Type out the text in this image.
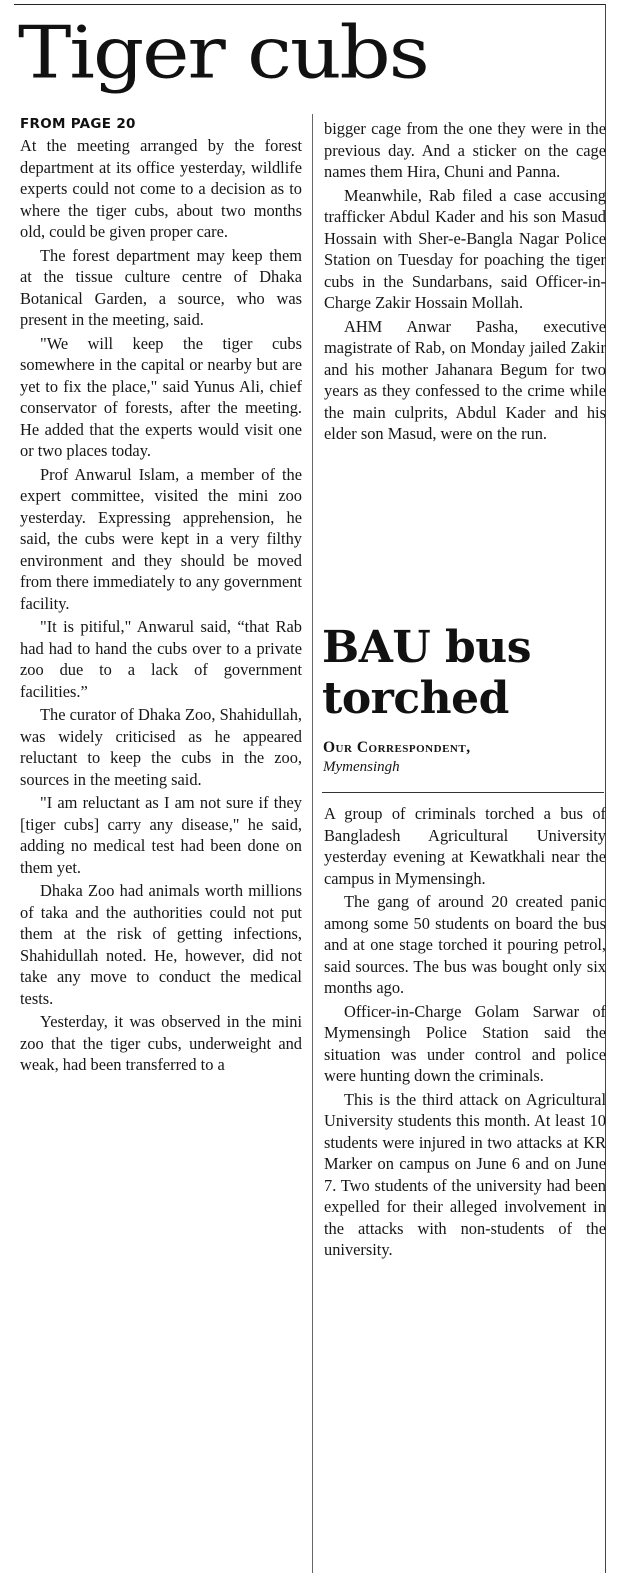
Tiger cubs

FROM PAGE 20

At the meeting arranged by the forest department at its office yesterday, wildlife experts could not come to a decision as to where the tiger cubs, about two months old, could be given proper care.

The forest department may keep them at the tissue culture centre of Dhaka Botanical Garden, a source, who was present in the meeting, said.

"We will keep the tiger cubs somewhere in the capital or nearby but are yet to fix the place," said Yunus Ali, chief conservator of forests, after the meeting. He added that the experts would visit one or two places today.

Prof Anwarul Islam, a member of the expert committee, visited the mini zoo yesterday. Expressing apprehension, he said, the cubs were kept in a very filthy environment and they should be moved from there immediately to any government facility.

"It is pitiful," Anwarul said, “that Rab had had to hand the cubs over to a private zoo due to a lack of government facilities.”

The curator of Dhaka Zoo, Shahidullah, was widely criticised as he appeared reluctant to keep the cubs in the zoo, sources in the meeting said.

"I am reluctant as I am not sure if they [tiger cubs] carry any disease," he said, adding no medical test had been done on them yet.

Dhaka Zoo had animals worth millions of taka and the authorities could not put them at the risk of getting infections, Shahidullah noted. He, however, did not take any move to conduct the medical tests.

Yesterday, it was observed in the mini zoo that the tiger cubs, underweight and weak, had been transferred to a

bigger cage from the one they were in the previous day. And a sticker on the cage names them Hira, Chuni and Panna.

Meanwhile, Rab filed a case accusing trafficker Abdul Kader and his son Masud Hossain with Sher-e-Bangla Nagar Police Station on Tuesday for poaching the tiger cubs in the Sundarbans, said Officer-in-Charge Zakir Hossain Mollah.

AHM Anwar Pasha, executive magistrate of Rab, on Monday jailed Zakir and his mother Jahanara Begum for two years as they confessed to the crime while the main culprits, Abdul Kader and his elder son Masud, were on the run.

BAU bus torched

Our Correspondent,

Mymensingh

A group of criminals torched a bus of Bangladesh Agricultural University yesterday evening at Kewatkhali near the campus in Mymensingh.

The gang of around 20 created panic among some 50 students on board the bus and at one stage torched it pouring petrol, said sources. The bus was bought only six months ago.

Officer-in-Charge Golam Sarwar of Mymensingh Police Station said the situation was under control and police were hunting down the criminals.

This is the third attack on Agricultural University students this month. At least 10 students were injured in two attacks at KR Marker on campus on June 6 and on June 7. Two students of the university had been expelled for their alleged involvement in the attacks with non-students of the university.
